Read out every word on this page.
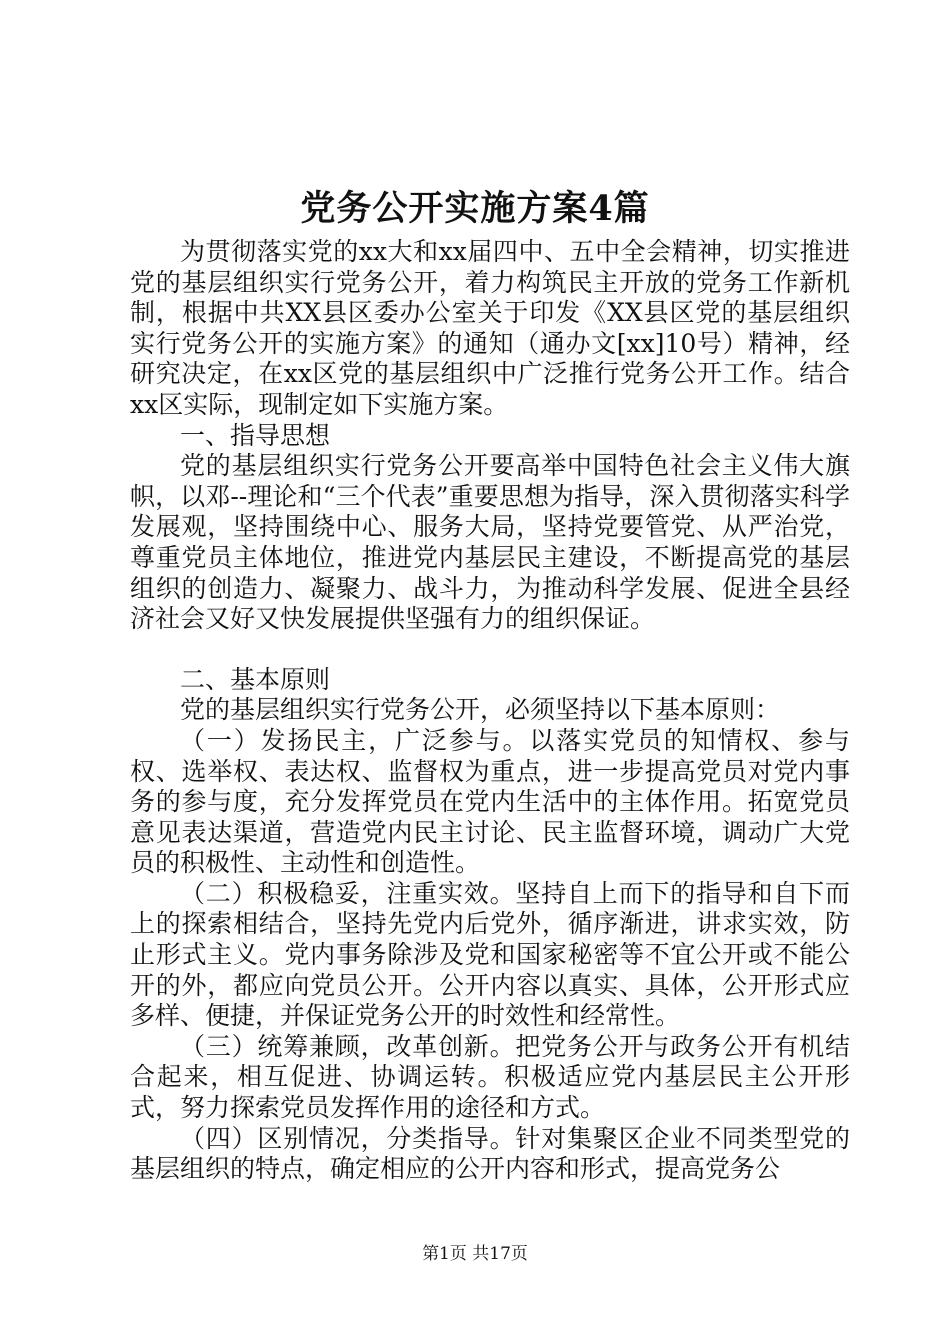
党务公开实施方案4篇

为贯彻落实党的xx大和xx届四中、五中全会精神，切实推进党的基层组织实行党务公开，着力构筑民主开放的党务工作新机制，根据中共XX县区委办公室关于印发《XX县区党的基层组织实行党务公开的实施方案》的通知（通办文[xx]10号）精神，经研究决定，在xx区党的基层组织中广泛推行党务公开工作。结合xx区实际，现制定如下实施方案。

一、指导思想

党的基层组织实行党务公开要高举中国特色社会主义伟大旗帜，以邓--理论和“三个代表”重要思想为指导，深入贯彻落实科学发展观，坚持围绕中心、服务大局，坚持党要管党、从严治党，尊重党员主体地位，推进党内基层民主建设，不断提高党的基层组织的创造力、凝聚力、战斗力，为推动科学发展、促进全县经济社会又好又快发展提供坚强有力的组织保证。

二、基本原则

党的基层组织实行党务公开，必须坚持以下基本原则：

（一）发扬民主，广泛参与。以落实党员的知情权、参与权、选举权、表达权、监督权为重点，进一步提高党员对党内事务的参与度，充分发挥党员在党内生活中的主体作用。拓宽党员意见表达渠道，营造党内民主讨论、民主监督环境，调动广大党员的积极性、主动性和创造性。

（二）积极稳妥，注重实效。坚持自上而下的指导和自下而上的探索相结合，坚持先党内后党外，循序渐进，讲求实效，防止形式主义。党内事务除涉及党和国家秘密等不宜公开或不能公开的外，都应向党员公开。公开内容以真实、具体，公开形式应多样、便捷，并保证党务公开的时效性和经常性。

（三）统筹兼顾，改革创新。把党务公开与政务公开有机结合起来，相互促进、协调运转。积极适应党内基层民主公开形式，努力探索党员发挥作用的途径和方式。

（四）区别情况，分类指导。针对集聚区企业不同类型党的基层组织的特点，确定相应的公开内容和形式，提高党务公

第1页 共17页
